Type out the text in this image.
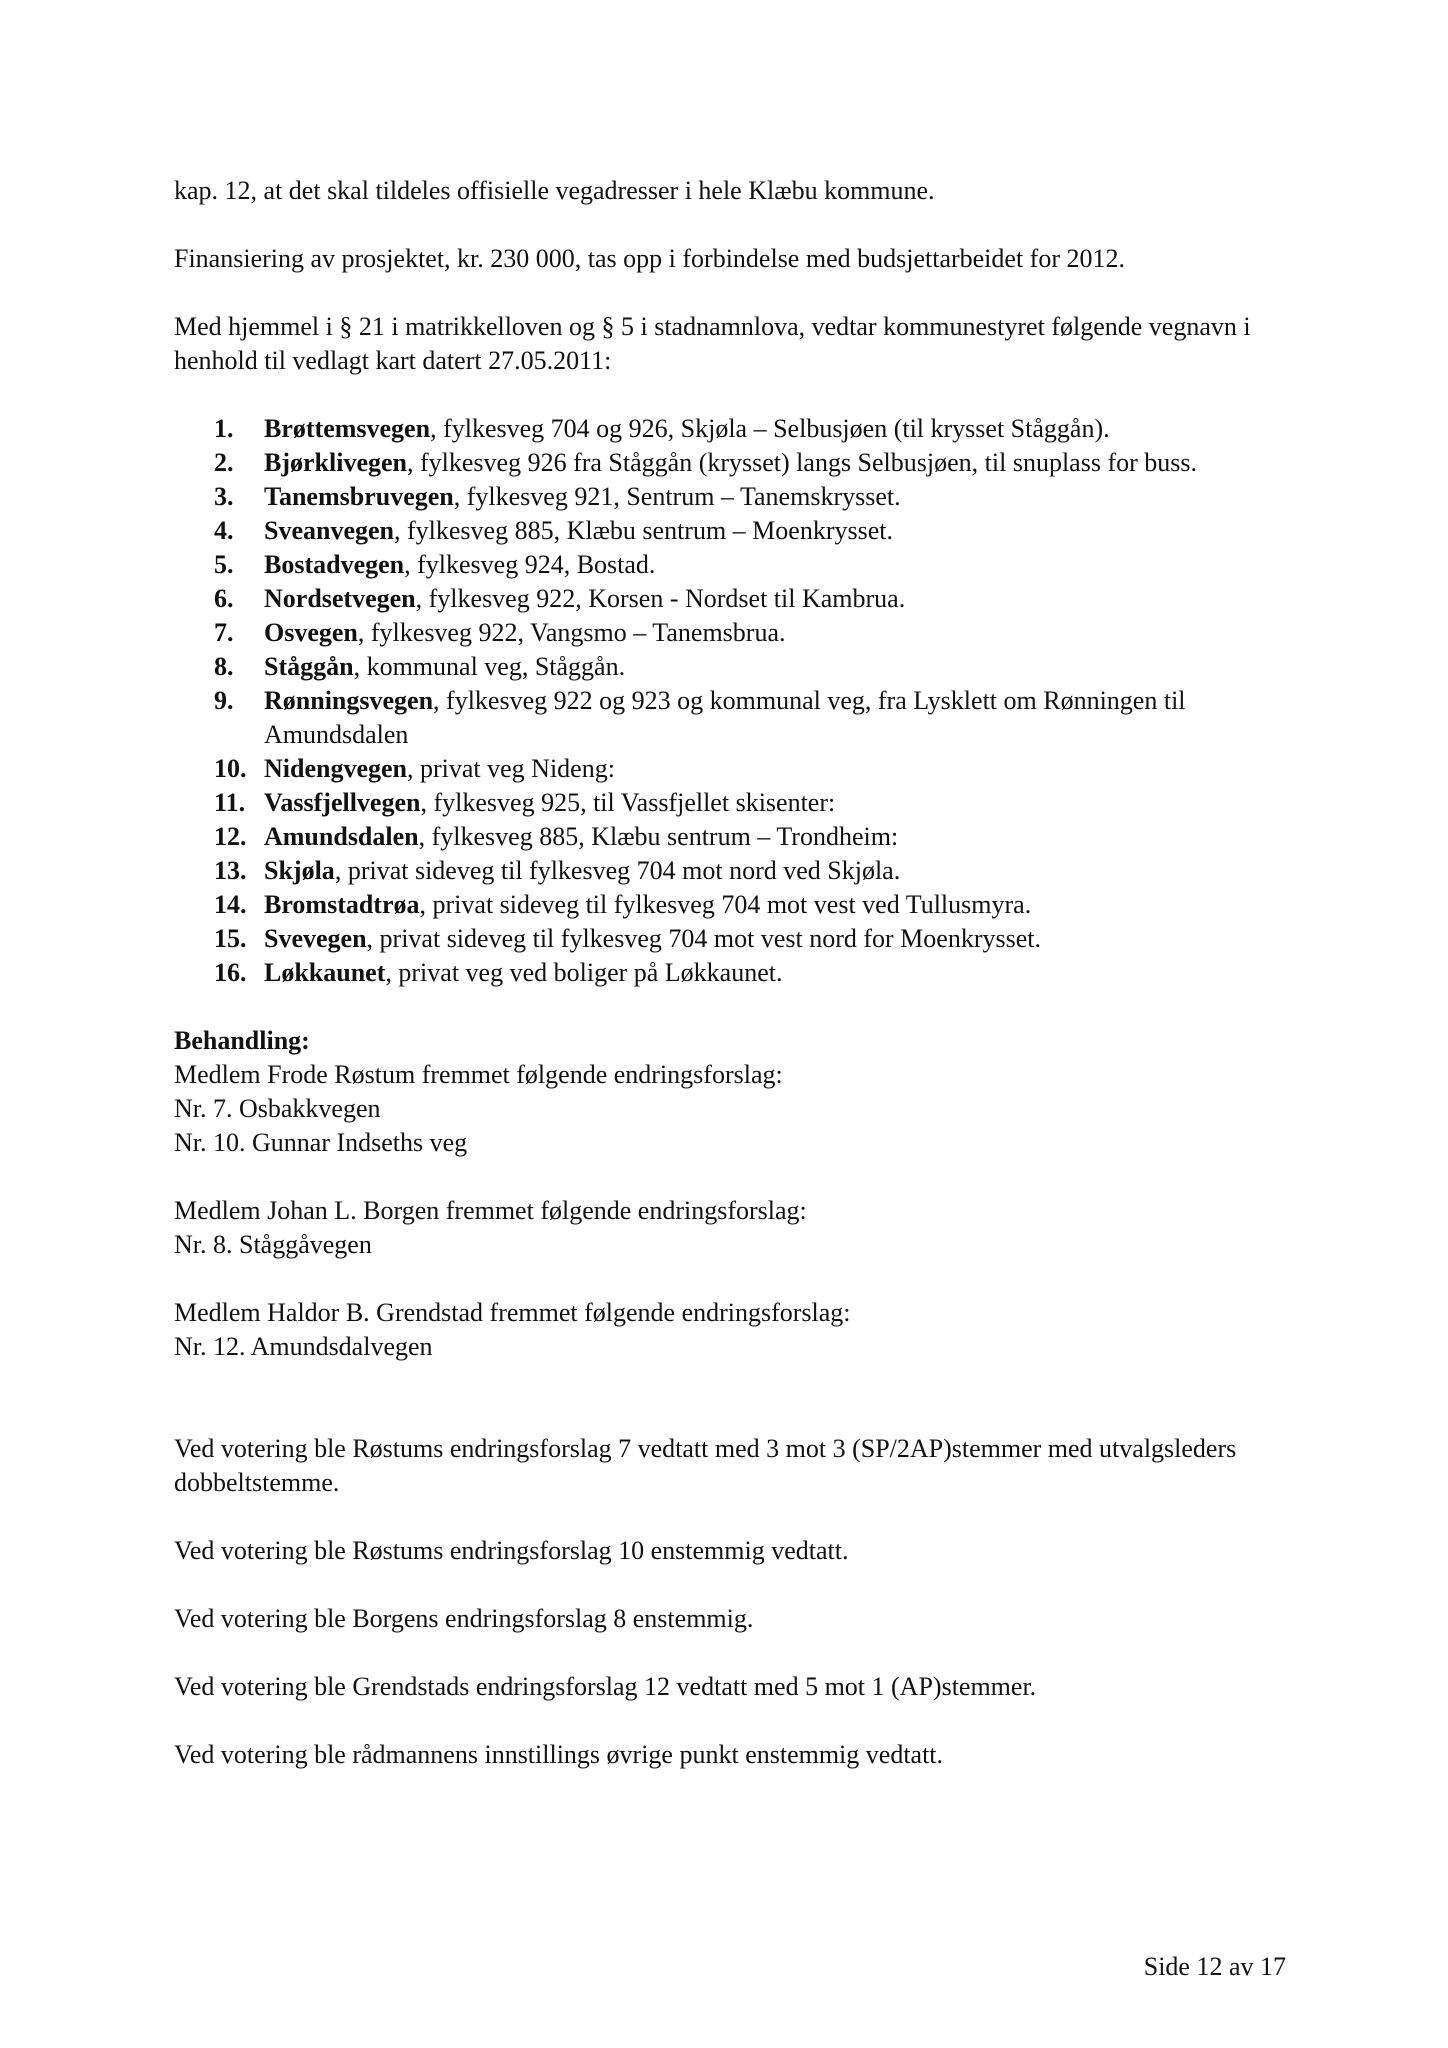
kap. 12, at det skal tildeles offisielle vegadresser i hele Klæbu kommune.

Finansiering av prosjektet, kr. 230 000, tas opp i forbindelse med budsjettarbeidet for 2012.

Med hjemmel i § 21 i matrikkelloven og § 5 i stadnamnlova, vedtar kommunestyret følgende vegnavn i henhold til vedlagt kart datert 27.05.2011:

1.	Brøttemsvegen, fylkesveg 704 og 926, Skjøla – Selbusjøen (til krysset Ståggån).
2.	Bjørklivegen, fylkesveg 926 fra Ståggån (krysset) langs Selbusjøen, til snuplass for buss.
3.	Tanemsbruvegen, fylkesveg 921, Sentrum – Tanemskrysset.
4.	Sveanvegen, fylkesveg 885, Klæbu sentrum – Moenkrysset.
5.	Bostadvegen, fylkesveg 924, Bostad.
6.	Nordsetvegen, fylkesveg 922, Korsen - Nordset til Kambrua.
7.	Osvegen, fylkesveg 922, Vangsmo – Tanemsbrua.
8.	Ståggån, kommunal veg, Ståggån.
9.	Rønningsvegen, fylkesveg 922 og 923 og kommunal veg, fra Lysklett om Rønningen til Amundsdalen
10. Nidengvegen, privat veg Nideng:
11. Vassfjellvegen, fylkesveg 925, til Vassfjellet skisenter:
12. Amundsdalen, fylkesveg 885, Klæbu sentrum – Trondheim:
13. Skjøla, privat sideveg til fylkesveg 704 mot nord ved Skjøla.
14. Bromstadtrøa, privat sideveg til fylkesveg 704 mot vest ved Tullusmyra.
15. Svevegen, privat sideveg til fylkesveg 704 mot vest nord for Moenkrysset.
16. Løkkaunet, privat veg ved boliger på Løkkaunet.

Behandling:

Medlem Frode Røstum fremmet følgende endringsforslag:

Nr. 7. Osbakkvegen

Nr. 10. Gunnar Indseths veg

Medlem Johan L. Borgen fremmet følgende endringsforslag:

Nr. 8. Ståggåvegen

Medlem Haldor B. Grendstad fremmet følgende endringsforslag:

Nr. 12. Amundsdalvegen

Ved votering ble Røstums endringsforslag 7 vedtatt med 3 mot 3 (SP/2AP)stemmer med utvalgsleders dobbeltstemme.

Ved votering ble Røstums endringsforslag 10 enstemmig vedtatt.

Ved votering ble Borgens endringsforslag 8 enstemmig.

Ved votering ble Grendstads endringsforslag 12 vedtatt med 5 mot 1 (AP)stemmer.

Ved votering ble rådmannens innstillings øvrige punkt enstemmig vedtatt.

Side 12 av 17
